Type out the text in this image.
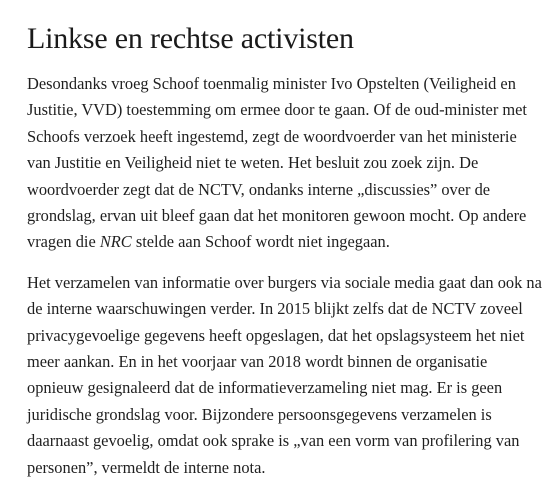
Linkse en rechtse activisten

Desondanks vroeg Schoof toenmalig minister Ivo Opstelten (Veiligheid en
Justitie, VVD) toestemming om ermee door te gaan. Of de oud-minister met
Schoofs verzoek heeft ingestemd, zegt de woordvoerder van het ministerie
van Justitie en Veiligheid niet te weten. Het besluit zou zoek zijn. De
woordvoerder zegt dat de NCTV, ondanks interne „discussies” over de
grondslag, ervan uit bleef gaan dat het monitoren gewoon mocht. Op andere
vragen die NRC stelde aan Schoof wordt niet ingegaan.

Het verzamelen van informatie over burgers via sociale media gaat dan ook na
de interne waarschuwingen verder. In 2015 blijkt zelfs dat de NCTV zoveel
privacygevoelige gegevens heeft opgeslagen, dat het opslagsysteem het niet
meer aankan. En in het voorjaar van 2018 wordt binnen de organisatie
opnieuw gesignaleerd dat de informatieverzameling niet mag. Er is geen
juridische grondslag voor. Bijzondere persoonsgegevens verzamelen is
daarnaast gevoelig, omdat ook sprake is „van een vorm van profilering van
personen”, vermeldt de interne nota.
